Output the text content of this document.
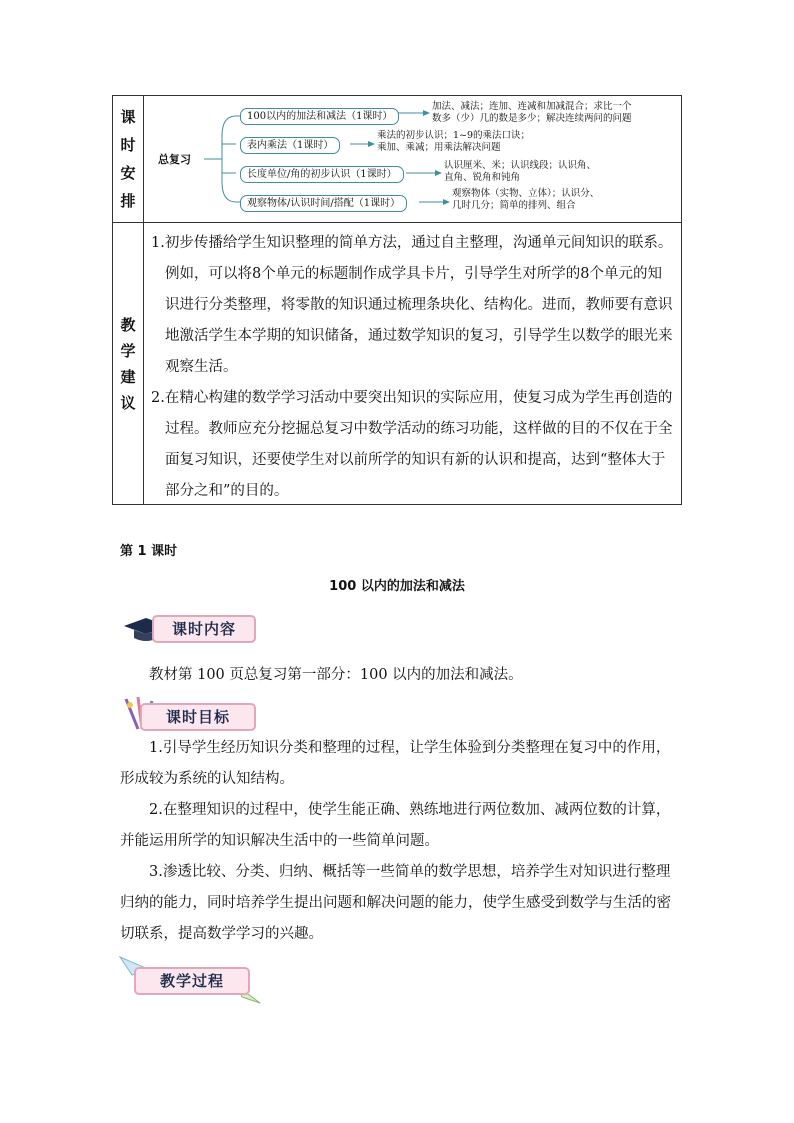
课
时
安
排
总复习
100以内的加法和减法（1课时）
加法、减法；连加、连减和加减混合；求比一个
数多（少）几的数是多少；解决连续两问的问题
表内乘法（1课时）
乘法的初步认识；1~9的乘法口诀；
乘加、乘减；用乘法解决问题
长度单位/角的初步认识（1课时）
认识厘米、米；认识线段；认识角、
直角、锐角和钝角
观察物体/认识时间/搭配（1课时）
观察物体（实物、立体）；认识分、
几时几分；简单的排列、组合
教
学
建
议

1.初步传播给学生知识整理的简单方法，通过自主整理，沟通单元间知识的联系。例如，可以将8个单元的标题制作成学具卡片，引导学生对所学的8个单元的知识进行分类整理，将零散的知识通过梳理条块化、结构化。进而，教师要有意识地激活学生本学期的知识储备，通过数学知识的复习，引导学生以数学的眼光来观察生活。

2.在精心构建的数学学习活动中要突出知识的实际应用，使复习成为学生再创造的过程。教师应充分挖掘总复习中数学活动的练习功能，这样做的目的不仅在于全面复习知识，还要使学生对以前所学的知识有新的认识和提高，达到“整体大于部分之和”的目的。

第 1 课时
100 以内的加法和减法
课时内容

教材第 100 页总复习第一部分：100 以内的加法和减法。

课时目标

1.引导学生经历知识分类和整理的过程，让学生体验到分类整理在复习中的作用，形成较为系统的认知结构。

2.在整理知识的过程中，使学生能正确、熟练地进行两位数加、减两位数的计算，并能运用所学的知识解决生活中的一些简单问题。

3.渗透比较、分类、归纳、概括等一些简单的数学思想，培养学生对知识进行整理归纳的能力，同时培养学生提出问题和解决问题的能力，使学生感受到数学与生活的密切联系，提高数学学习的兴趣。

教学过程
